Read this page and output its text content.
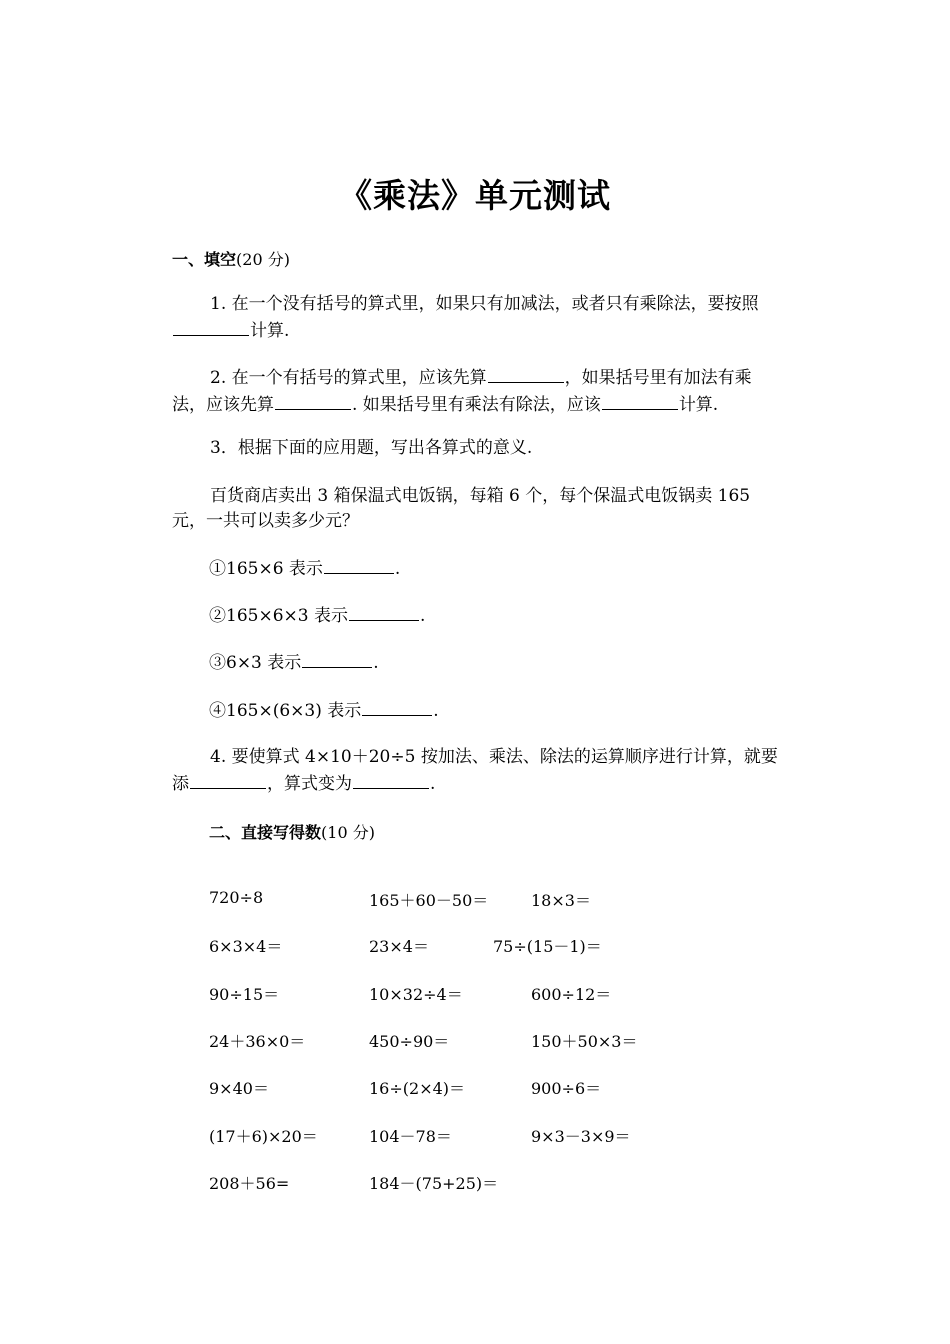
《乘法》单元测试
一、填空(20 分)
1. 在一个没有括号的算式里，如果只有加减法，或者只有乘除法，要按照计算.
2. 在一个有括号的算式里，应该先算	，如果括号里有加法有乘法，应该先算	. 如果括号里有乘法有除法，应该	计算.
3．根据下面的应用题，写出各算式的意义.
百货商店卖出 3 箱保温式电饭锅，每箱 6 个，每个保温式电饭锅卖 165 元，一共可以卖多少元？
①165×6 表示	.
②165×6×3 表示	.
③6×3 表示	.
④165×(6×3) 表示	.
4. 要使算式 4×10＋20÷5 按加法、乘法、除法的运算顺序进行计算，就要添	，算式变为	.
二、直接写得数(10 分)
720÷8	165＋60－50＝	18×3＝
6×3×4＝	23×4＝	75÷(15－1)＝
90÷15＝	10×32÷4＝	600÷12＝
24＋36×0＝	450÷90＝	150＋50×3＝
9×40＝	16÷(2×4)＝	900÷6＝
(17＋6)×20＝	104－78＝	9×3－3×9＝
208＋56=	184－(75+25)＝
